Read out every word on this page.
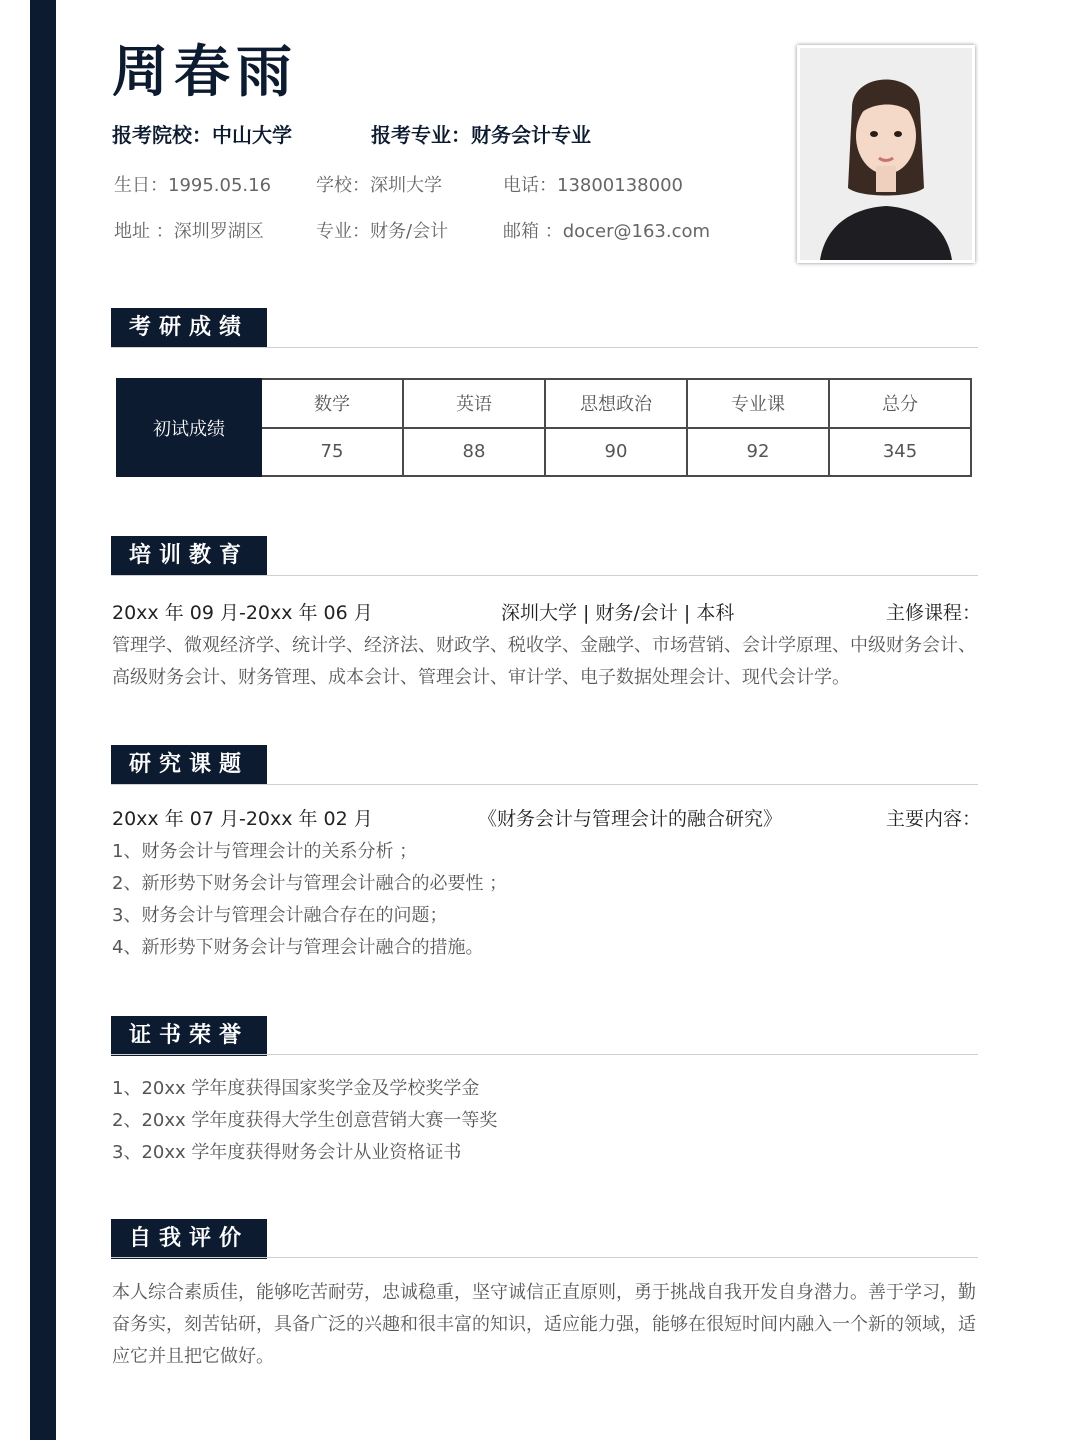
周春雨
报考院校：中山大学	报考专业：财务会计专业
生日：1995.05.16 学校：深圳大学	电话：13800138000
地址 ：深圳罗湖区	专业：财务/会计	邮箱 ：docer@163.com
考研成绩
初试成绩	数学	英语	思想政治	专业课	总分
	75	88	90	92	345
培训教育
20xx 年 09 月-20xx 年 06 月	深圳大学 | 财务/会计 | 本科	主修课程：
管理学、微观经济学、统计学、经济法、财政学、税收学、金融学、市场营销、会计学原理、中级财务会计、高级财务会计、财务管理、成本会计、管理会计、审计学、电子数据处理会计、现代会计学。
研究课题
20xx 年 07 月-20xx 年 02 月	《财务会计与管理会计的融合研究》	主要内容：
1、财务会计与管理会计的关系分析 ；
2、新形势下财务会计与管理会计融合的必要性 ；
3、财务会计与管理会计融合存在的问题；
4、新形势下财务会计与管理会计融合的措施。
证书荣誉
1、20xx 学年度获得国家奖学金及学校奖学金
2、20xx 学年度获得大学生创意营销大赛一等奖
3、20xx 学年度获得财务会计从业资格证书
自我评价
本人综合素质佳，能够吃苦耐劳，忠诚稳重，坚守诚信正直原则，勇于挑战自我开发自身潜力。善于学习，勤奋务实，刻苦钻研，具备广泛的兴趣和很丰富的知识，适应能力强，能够在很短时间内融入一个新的领域，适应它并且把它做好。
